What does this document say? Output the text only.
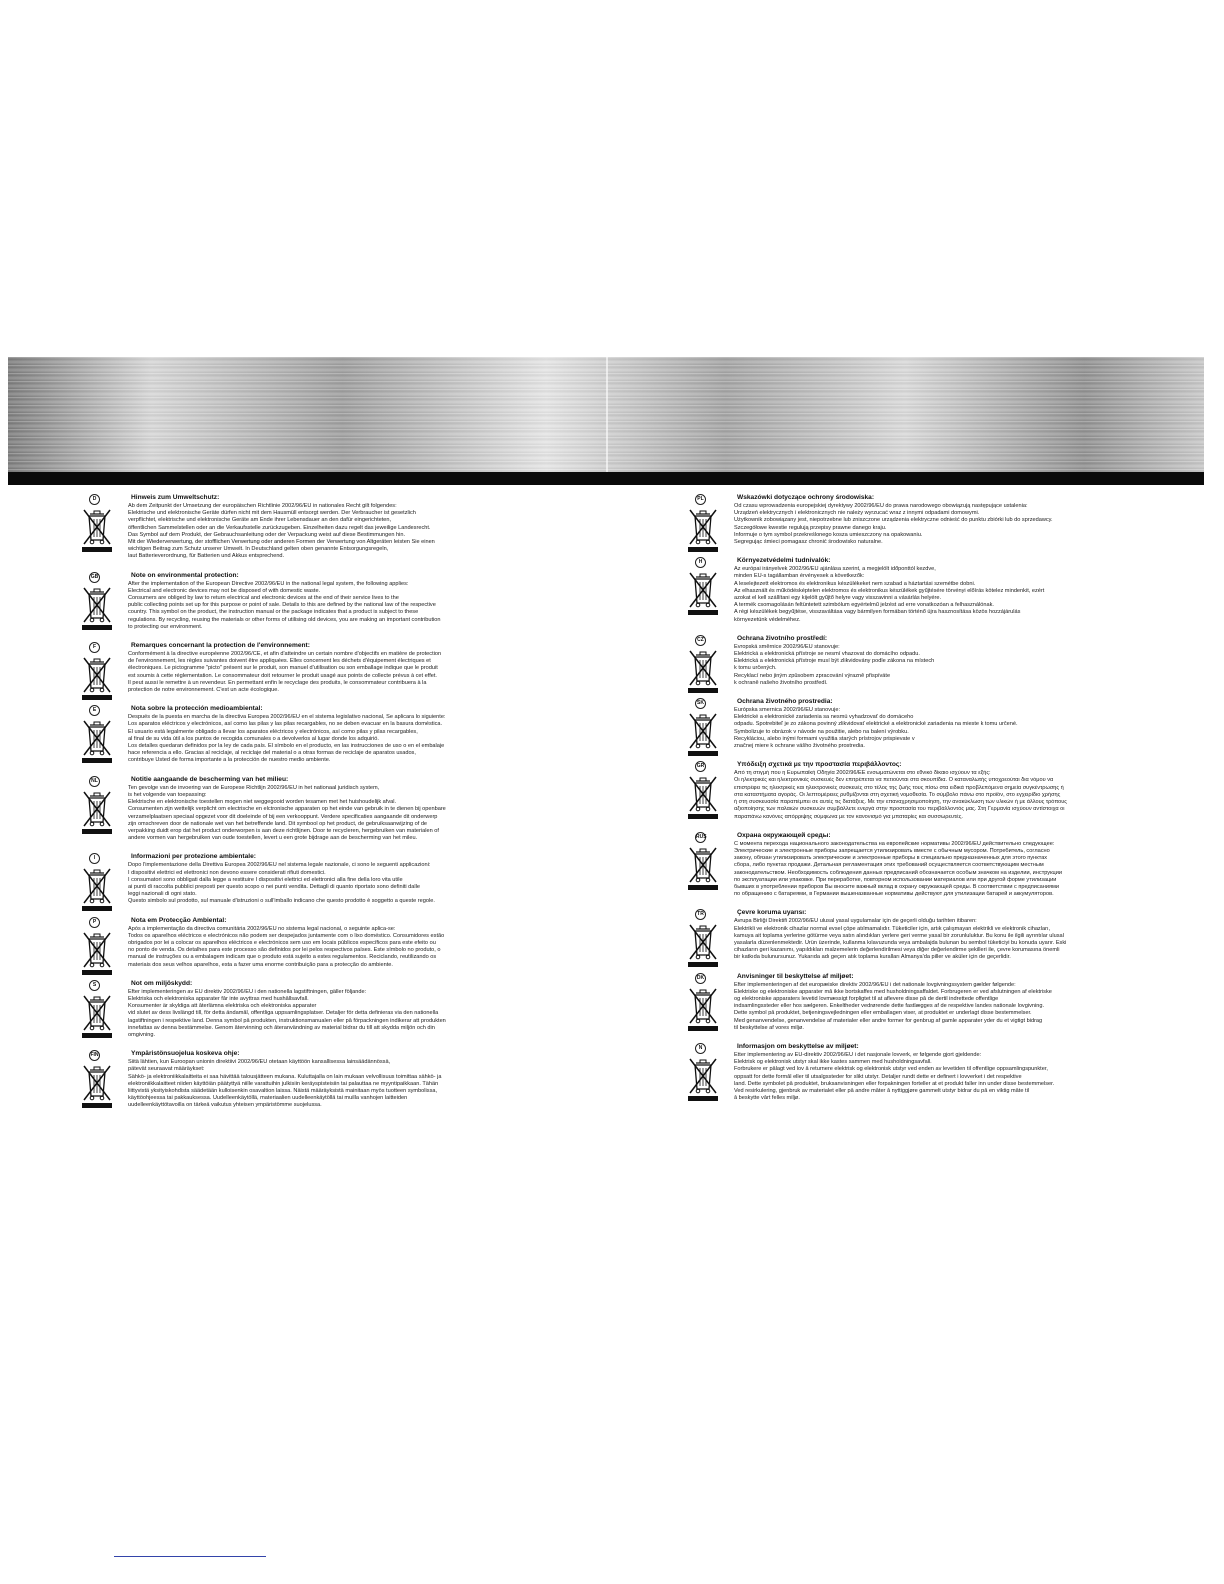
D	Hinweis zum Umweltschutz:

Ab dem Zeitpunkt der Umsetzung der europäischen Richtlinie 2002/96/EU in nationales Recht gilt folgendes:

Elektrische und elektronische Geräte dürfen nicht mit dem Hausmüll entsorgt werden. Der Verbraucher ist gesetzlich

verpflichtet, elektrische und elektronische Geräte am Ende ihrer Lebensdauer an den dafür eingerichteten,

öffentlichen Sammelstellen oder an die Verkaufsstelle zurückzugeben. Einzelheiten dazu regelt das jeweilige Landesrecht.

Das Symbol auf dem Produkt, der Gebrauchsanleitung oder der Verpackung weist auf diese Bestimmungen hin.

Mit der Wiederverwertung, der stofflichen Verwertung oder anderen Formen der Verwertung von Altgeräten leisten Sie einen

wichtigen Beitrag zum Schutz unserer Umwelt. In Deutschland gelten oben genannte Entsorgungsregeln,

laut Batterieverordnung, für Batterien und Akkus entsprechend.

GB	Note on environmental protection:

After the implementation of the European Directive 2002/96/EU in the national legal system, the following applies:

Electrical and electronic devices may not be disposed of with domestic waste.

Consumers are obliged by law to return electrical and electronic devices at the end of their service lives to the

public collecting points set up for this purpose or point of sale. Details to this are defined by the national law of the respective

country. This symbol on the product, the instruction manual or the package indicates that a product is subject to these

regulations. By recycling, reusing the materials or other forms of utilising old devices, you are making an important contribution

to protecting our environment.

F	Remarques concernant la protection de l'environnement:

Conformément à la directive européenne 2002/96/CE, et afin d'atteindre un certain nombre d'objectifs en matière de protection

de l'environnement, les règles suivantes doivent être appliquées. Elles concernent les déchets d'équipement électriques et

électroniques. Le pictogramme "picto" présent sur le produit, son manuel d'utilisation ou son emballage indique que le produit

est soumis à cette réglementation. Le consommateur doit retourner le produit usagé aux points de collecte prévus à cet effet.

Il peut aussi le remettre à un revendeur. En permettant enfin le recyclage des produits, le consommateur contribuera à la

protection de notre environnement. C'est un acte écologique.

E	Nota sobre la protección medioambiental:

Después de la puesta en marcha de la directiva Europea 2002/96/EU en el sistema legislativo nacional, Se aplicara lo siguiente:

Los aparatos eléctricos y electrónicos, así como las pilas y las pilas recargables, no se deben evacuar en la basura doméstica.

El usuario está legalmente obligado a llevar los aparatos eléctricos y electrónicos, así como pilas y pilas recargables,

al final de su vida útil a los puntos de recogida comunales o a devolverlos al lugar donde los adquirió.

Los detalles quedaran definidos por la ley de cada país. El símbolo en el producto, en las instrucciones de uso o en el embalaje

hace referencia a ello. Gracias al reciclaje, al reciclaje del material o a otras formas de reciclaje de aparatos usados,

contribuye Usted de forma importante a la protección de nuestro medio ambiente.

NL	Notitie aangaande de bescherming van het milieu:

Ten gevolge van de invoering van de Europese Richtlijn 2002/96/EU in het nationaal juridisch system,

is het volgende van toepassing:

Elektrische en elektronische toestellen mogen niet weggegooid worden tesamen met het huishoudelijk afval.

Consumenten zijn wettelijk verplicht om electrische en elctronische apparaten op het einde van gebruik in te dienen bij openbare

verzamelplaatsen speciaal opgezet voor dit doeleinde of bij een verkooppunt. Verdere specificaties aangaande dit onderwerp

zijn omschreven door de nationale wet van het betreffende land. Dit symbool op het product, de gebruiksaanwijzing of de

verpakking duidt erop dat het product onderworpen is aan deze richtlijnen. Door te recycleren, hergebruiken van materialen of

andere vormen van hergebruiken van oude toestellen, levert u een grote bijdrage aan de bescherming van het mileu.

I	Informazioni per protezione ambientale:

Dopo l'implementazione della Direttiva Europea 2002/96/EU nel sistema legale nazionale, ci sono le seguenti applicazioni:

I dispositivi elettrici ed elettronici non devono essere considerati rifiuti domestici.

I consumatori sono obbligati dalla legge a restituire I dispositivi elettrici ed elettronici alla fine della loro vita utile

ai punti di raccolta pubblici preposti per questo scopo o nei punti vendita. Dettagli di quanto riportato sono definiti dalle

leggi nazionali di ogni stato.

Questo simbolo sul prodotto, sul manuale d'istruzioni o sull'imballo indicano che questo prodotto è soggetto a queste regole.

P	Nota em Protecção Ambiental:

Após a implementação da directiva comunitária 2002/96/EU no sistema legal nacional, o seguinte aplica-se:

Todos os aparelhos eléctricos e electrónicos não podem ser despejados juntamente com o lixo doméstico. Consumidores estão

obrigados por lei a colocar os aparelhos eléctricos e electrónicos sem uso em locais públicos específicos para este efeito ou

no ponto de venda. Os detalhes para este processo são definidos por lei pelos respectivos países. Este símbolo no produto, o

manual de instruções ou a embalagem indicam que o produto está sujeito a estes regulamentos. Reciclando, reutilizando os

materiais dos seus velhos aparelhos, esta a fazer uma enorme contribuição para a protecção do ambiente.

S	Not om miljöskydd:

Efter implementeringen av EU direktiv 2002/96/EU i den nationella lagstiftningen, gäller följande:

Elektriska och elektroniska apparater får inte avyttras med hushållsavfall.

Konsumenter är skyldiga att återlämna elektriska och elektroniska apparater

vid slutet av dess livslängd till, för detta ändamål, offentliga uppsamlingsplatser. Detaljer för detta definieras via den nationella

lagstiftningen i respektive land. Denna symbol på produkten, instruktionsmanualen eller på förpackningen indikerar att produkten

innefattas av denna bestämmelse. Genom återvinning och återanvändning av material bidrar du till att skydda miljön och din

omgivning.

FIN	Ympäristönsuojelua koskeva ohje:

Siitä lähtien, kun Euroopan unionin direktiivi 2002/96/EU otetaan käyttöön kansallisessa lainsäädännössä,

pätevät seuraavat määräykset:

Sähkö- ja elektroniikkalaitteita ei saa hävittää talousjätteen mukana. Kuluttajalla on lain mukaan velvollisuus toimittaa sähkö- ja

elektroniikkalaitteet niiden käyttöiän päätyttyä niille varattuihin julkisiin keräyspisteisiin tai palauttaa ne myyntipaikkaan. Tähän

liittyvistä yksityiskohdista säädetään kulloisenkin osavaltion laissa. Näistä määräyksistä mainitaan myös tuotteen symbolissa,

käyttöohjeessa tai pakkauksessa. Uudelleenkäytöllä, materiaalien uudelleenkäytöllä tai muilla vanhojen laitteiden

uudelleenkäyttötavoilla on tärkeä vaikutus yhteisen ympäristömme suojelussa.

PL	Wskazówki dotyczące ochrony środowiska:

Od czasu wprowadzenia europejskiej dyrektywy 2002/96/EU do prawa narodowego obowiązują następujące ustalenia:

Urządzeń elektrycznych i elektronicznych nie należy wyrzucać wraz z innymi odpadami domowymi.

Użytkownik zobowiązany jest, niepotrzebne lub zniszczone urządzenia elektryczne odnieść do punktu zbiórki lub do sprzedawcy.

Szczegółowe kwestie regulują przepisy prawne danego kraju.

Informuje o tym symbol przekreślonego kosza umieszczony na opakowaniu.

Segregując śmieci pomagasz chronić środowisko naturalne.

H	Környezetvédelmi tudnivalók:

Az európai irányelvek 2002/96/EU ajánlása szerint, a megjelölt időponttól kezdve,

minden EU-s tagállamban érvényesek a következők:

A leselejtezett elektromos és elektronikus készülékeket nem szabad a háztartási szemétbe dobni.

Az elhasznált és működésképtelen elektromos és elektronikus készülékek gyűjtésére törvényi előírás kötelez mindenkit, ezért

azokat el kell szállítani egy kijelölt gyűjtő helyre vagy visszavinni a vásárlás helyére.

A termék csomagolásán feltüntetett szimbólum egyértelmű jelzést ad erre vonatkozóan a felhasználónak.

A régi készülékek begyűjtése, visszaváltása vagy bármilyen formában történő újra hasznosítása közös hozzájárulás

környezetünk védelméhez.

CZ	Ochrana životního prostředí:

Evropská směrnice 2002/96/EU stanovuje:

Elektrická a elektronická přístroje se nesmí vhazovat do domácího odpadu.

Elektrická a elektronická přístroje musí být zlikvidovány podle zákona na místech

k tomu určených.

Recyklací nebo jiným způsobem zpracování výrazně přispíváte

k ochraně našeho životního prostředí.

SK	Ochrana životného prostredia:

Európska smernica 2002/96/EU stanovuje:

Elektrické a elektronické zariadenia sa nesmú vyhadzovať do domáceho

odpadu. Spotrebiteľ je zo zákona povinný zlikvidovať elektrické a elektronické zariadenia na mieste k tomu určené.

Symbolizuje to obrázok v návode na použitie, alebo na balení výrobku.

Recykláciou, alebo inými formami využitia starých prístrojov prispievate v

značnej miere k ochrane vášho životného prostredia.

GR	Υπόδειξη σχετικά με την προστασία περιβάλλοντος:

Από τη στιγμή που η Ευρωπαϊκή Οδηγία 2002/96/ΕE ενσωματώνεται στο εθνικό δίκαιο ισχύουν τα εξής:

Οι ηλεκτρικές και ηλεκτρονικές συσκευές δεν επιτρέπεται να πετιούνται στα σκουπίδια. Ο καταναλωτής υποχρεούται δια νόμου να

επιστρέφει τις ηλεκτρικές και ηλεκτρονικές συσκευές στο τέλος της ζωής τους πίσω στα ειδικά προβλεπόμενα σημεία συγκέντρωσης ή

στα καταστήματα αγοράς. Οι λεπτομέρειες ρυθμίζονται στη σχετική νομοθεσία. Το σύμβολο πάνω στο προϊόν, στο εγχειρίδιο χρήσης

ή στη συσκευασία παραπέμπει σε αυτές τις διατάξεις. Με την επαναχρησιμοποίηση, την ανακύκλωση των υλικών ή με άλλους τρόπους

αξιοποίησης των παλαιών συσκευών συμβάλλετε ενεργά στην προστασία του περιβάλλοντός μας. Στη Γερμανία ισχύουν αντίστοιχα οι

παραπάνω κανόνες απόρριψης σύμφωνα με τον κανονισμό για μπαταρίες και συσσωρευτές.

RUS	Охрана окружающей среды:

С момента перехода национального законодательства на европейские нормативы 2002/96/EU действительно следующее:

Электрические и электронные приборы запрещается утилизировать вместе с обычным мусором. Потребитель, согласно

закону, обязан утилизировать электрические и электронные приборы в специально предназначенных для этого пунктах

сбора, либо пунктах продажи. Детальная регламентация этих требований осуществляется соответствующим местным

законодательством. Необходимость соблюдения данных предписаний обозначается особым значком на изделии, инструкции

по эксплуатации или упаковке. При переработке, повторном использовании материалов или при другой форме утилизации

бывших в употреблении приборов Вы вносите важный вклад в охрану окружающей среды. В соответствии с предписаниями

по обращению с батареями, в Германии вышеназванные нормативы действуют для утилизации батарей и аккумуляторов.

TR	Çevre koruma uyarısı:

Avrupa Birliği Direktifi 2002/96/EU ulusal yasal uygulamalar için de geçerli olduğu tarihten itibaren:

Elektrikli ve elektronik cihazlar normal evsel çöpe atılmamalıdır. Tüketiciler için, artık çalışmayan elektrikli ve elektronik cihazları,

kamuya ait toplama yerlerine götürme veya satın alındıkları yerlere geri verme yasal bir zorunluluktur. Bu konu ile ilgili ayrıntılar ulusal

yasalarla düzenlenmektedir. Ürün üzerinde, kullanma kılavuzunda veya ambalajda bulunan bu sembol tüketiciyi bu konuda uyarır. Eski

cihazların geri kazanımı, yapıldıkları malzemelerin değerlendirilmesi veya diğer değerlendirme şekilleri ile, çevre korumasına önemli

bir katkıda bulunursunuz. Yukarıda adı geçen atık toplama kuralları Almanya'da piller ve aküler için de geçerlidir.

DK	Anvisninger til beskyttelse af miljøet:

Efter implementeringen af det europæiske direktiv 2002/96/EU i det nationale lovgivningssystem gælder følgende:

Elektriske og elektroniske apparater må ikke bortskaffes med husholdningsaffaldet. Forbrugeren er ved afslutningen af elektriske

og elektroniske apparaters levetid lovmæssigt forpligtet til at aflevere disse på de dertil indrettede offentlige

indsamlingssteder eller hos sælgeren. Enkeltheder vedrørende dette fastlægges af de respektive landes nationale lovgivning.

Dette symbol på produktet, betjeningsvejledningen eller emballagen viser, at produktet er underlagt disse bestemmelser.

Med genanvendelse, genanvendelse af materialer eller andre former for genbrug af gamle apparater yder du et vigtigt bidrag

til beskyttelse af vores miljø.

N	Informasjon om beskyttelse av miljøet:

Etter implementering av EU-direktiv 2002/96/EU i det nasjonale lovverk, er følgende gjort gjeldende:

Elektrisk og elektronisk utstyr skal ikke kastes sammen med husholdningsavfall.

Forbrukere er pålagt ved lov å returnere elektrisk og elektronisk utstyr ved enden av levetiden til offentlige oppsamlingspunkter,

oppsatt for dette formål eller til utsalgssteder for slikt utstyr. Detaljer rundt dette er definert i lovverket i det respektive

land. Dette symbolet på produktet, bruksanvisningen eller forpakningen forteller at et produkt faller inn under disse bestemmelser.

Ved resirkulering, gjenbruk av materialet eller på andre måter å nyttiggjøre gammelt utstyr bidrar du på en viktig måte til

å beskytte vårt felles miljø.
